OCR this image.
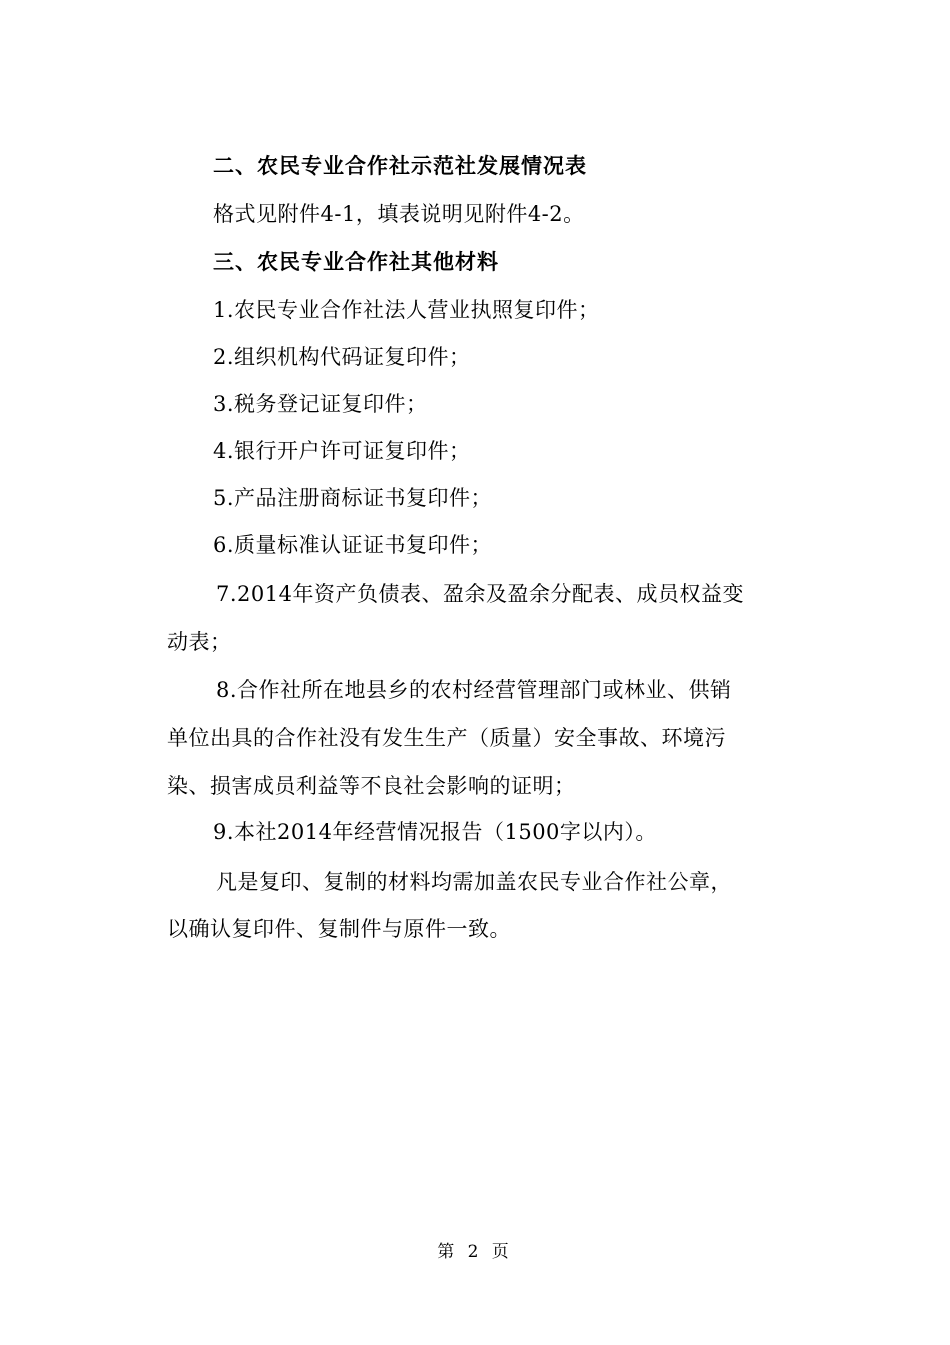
二、农民专业合作社示范社发展情况表
格式见附件4-1，填表说明见附件4-2。
三、农民专业合作社其他材料
1.农民专业合作社法人营业执照复印件；
2.组织机构代码证复印件；
3.税务登记证复印件；
4.银行开户许可证复印件；
5.产品注册商标证书复印件；
6.质量标准认证证书复印件；
7.2014年资产负债表、盈余及盈余分配表、成员权益变
动表；
8.合作社所在地县乡的农村经营管理部门或林业、供销
单位出具的合作社没有发生生产（质量）安全事故、环境污
染、损害成员利益等不良社会影响的证明；
9.本社2014年经营情况报告（1500字以内）。
凡是复印、复制的材料均需加盖农民专业合作社公章，
以确认复印件、复制件与原件一致。
第 2 页
